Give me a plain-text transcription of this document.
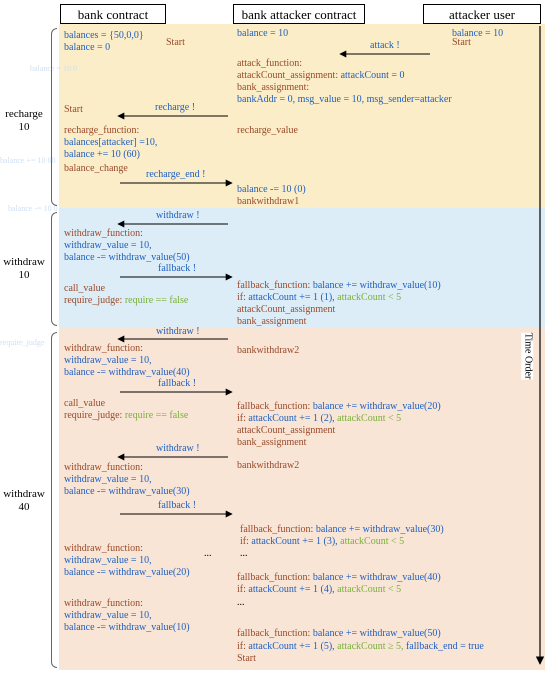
bank contract	bank attacker contract	attacker user
balance = 10 0
balance += 10 60
balance -= 10 0
require_judge
recharge
10
withdraw
10
withdraw
40
attack !
recharge !
recharge_end !
withdraw !
fallback !
withdraw !
fallback !
withdraw !
fallback !
Time Order
balances = {50,0,0}
balance = 0	Start
Start
recharge_function:
balances[attacker] =10,
balance += 10 (60)
balance_change
withdraw_function:
withdraw_value = 10,
balance -= withdraw_value(50)
call_value
require_judge: require == false
withdraw_function:
withdraw_value = 10,
balance -= withdraw_value(40)
call_value
require_judge: require == false
withdraw_function:
withdraw_value = 10,
balance -= withdraw_value(30)
withdraw_function:
withdraw_value = 10,
balance -= withdraw_value(20)
...
withdraw_function:
withdraw_value = 10,
balance -= withdraw_value(10)
balance = 10
attack_function:
attackCount_assignment: attackCount = 0
bank_assignment:
bankAddr = 0, msg_value = 10, msg_sender=attacker
recharge_value
balance -= 10 (0)
bankwithdraw1
fallback_function: balance += withdraw_value(10)
if: attackCount += 1 (1), attackCount < 5
attackCount_assignment
bank_assignment
bankwithdraw2
fallback_function: balance += withdraw_value(20)
if: attackCount += 1 (2), attackCount < 5
attackCount_assignment
bank_assignment
bankwithdraw2
fallback_function: balance += withdraw_value(30)
if: attackCount += 1 (3), attackCount < 5
...
fallback_function: balance += withdraw_value(40)
if: attackCount += 1 (4), attackCount < 5
...
fallback_function: balance += withdraw_value(50)
if: attackCount += 1 (5), attackCount ≥ 5, fallback_end = true
Start
balance = 10
Start
